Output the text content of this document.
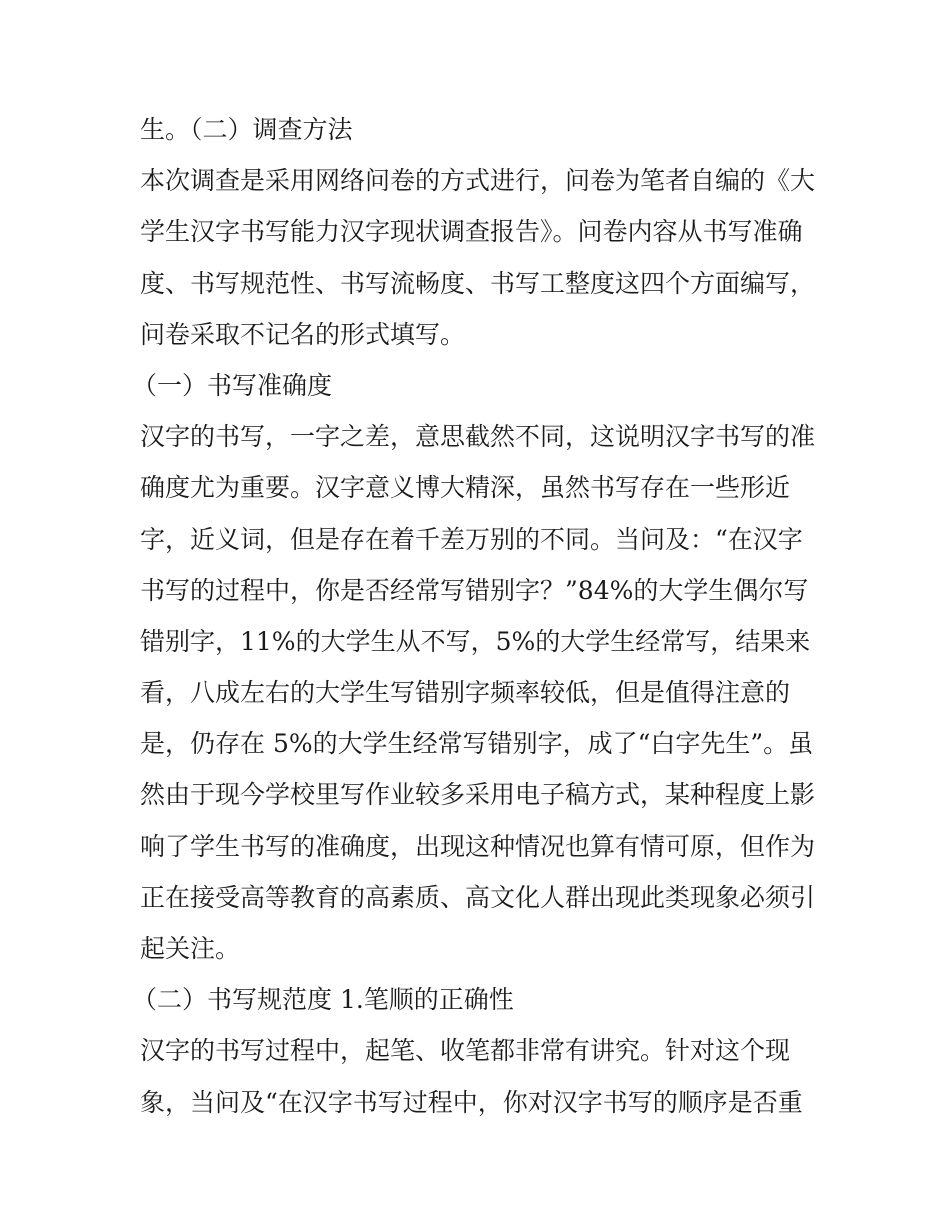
生。（二）调查方法
本次调查是采用网络问卷的方式进行，问卷为笔者自编的《大
学生汉字书写能力汉字现状调查报告》。问卷内容从书写准确
度、书写规范性、书写流畅度、书写工整度这四个方面编写，
问卷采取不记名的形式填写。
（一）书写准确度
汉字的书写，一字之差，意思截然不同，这说明汉字书写的准
确度尤为重要。汉字意义博大精深，虽然书写存在一些形近
字，近义词，但是存在着千差万别的不同。当问及：“在汉字
书写的过程中，你是否经常写错别字？”84%的大学生偶尔写
错别字，11%的大学生从不写，5%的大学生经常写，结果来
看，八成左右的大学生写错别字频率较低，但是值得注意的
是，仍存在 5%的大学生经常写错别字，成了“白字先生”。虽
然由于现今学校里写作业较多采用电子稿方式，某种程度上影
响了学生书写的准确度，出现这种情况也算有情可原，但作为
正在接受高等教育的高素质、高文化人群出现此类现象必须引
起关注。
（二）书写规范度 1.笔顺的正确性
汉字的书写过程中，起笔、收笔都非常有讲究。针对这个现
象，当问及“在汉字书写过程中，你对汉字书写的顺序是否重
